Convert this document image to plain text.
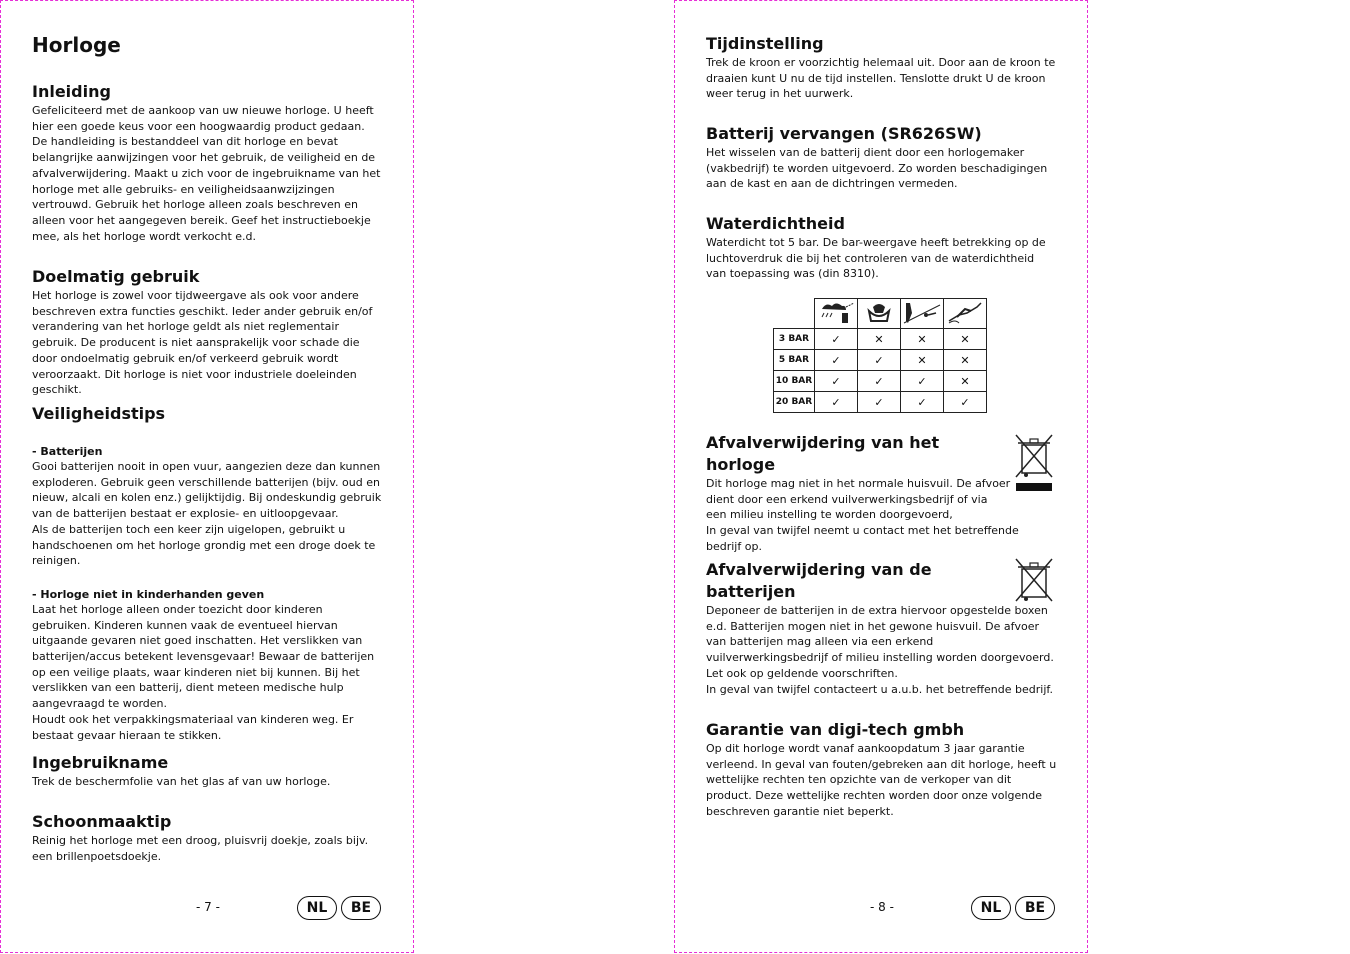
Horloge
Inleiding

Gefeliciteerd met de aankoop van uw nieuwe horloge. U heeft hier een goede keus voor een hoogwaardig product gedaan. De handleiding is bestanddeel van dit horloge en bevat belangrijke aanwijzingen voor het gebruik, de veiligheid en de afvalverwijdering. Maakt u zich voor de ingebruikname van het horloge met alle gebruiks- en veiligheidsaanwzijzingen vertrouwd. Gebruik het horloge alleen zoals beschreven en alleen voor het aangegeven bereik. Geef het instructieboekje mee, als het horloge wordt verkocht e.d.

Doelmatig gebruik

Het horloge is zowel voor tijdweergave als ook voor andere beschreven extra functies geschikt. Ieder ander gebruik en/of verandering van het horloge geldt als niet reglementair gebruik. De producent is niet aansprakelijk voor schade die door ondoelmatig gebruik en/of verkeerd gebruik wordt veroorzaakt. Dit horloge is niet voor industriele doeleinden geschikt.

Veiligheidstips
- Batterijen

Gooi batterijen nooit in open vuur, aangezien deze dan kunnen exploderen. Gebruik geen verschillende batterijen (bijv. oud en nieuw, alcali en kolen enz.) gelijktijdig. Bij ondeskundig gebruik van de batterijen bestaat er explosie- en uitloopgevaar.

Als de batterijen toch een keer zijn uigelopen, gebruikt u handschoenen om het horloge grondig met een droge doek te reinigen.

- Horloge niet in kinderhanden geven

Laat het horloge alleen onder toezicht door kinderen gebruiken. Kinderen kunnen vaak de eventueel hiervan uitgaande gevaren niet goed inschatten. Het verslikken van batterijen/accus betekent levensgevaar! Bewaar de batterijen op een veilige plaats, waar kinderen niet bij kunnen. Bij het verslikken van een batterij, dient meteen medische hulp aangevraagd te worden.

Houdt ook het verpakkingsmateriaal van kinderen weg. Er bestaat gevaar hieraan te stikken.

Ingebruikname

Trek de beschermfolie van het glas af van uw horloge.

Schoonmaaktip

Reinig het horloge met een droog, pluisvrij doekje, zoals bijv. een brillenpoetsdoekje.

- 7 -	NL	BE
Tijdinstelling

Trek de kroon er voorzichtig helemaal uit. Door aan de kroon te draaien kunt U nu de tijd instellen. Tenslotte drukt U de kroon weer terug in het uurwerk.

Batterij vervangen (SR626SW)

Het wisselen van de batterij dient door een horlogemaker (vakbedrijf) te worden uitgevoerd. Zo worden beschadigingen aan de kast en aan de dichtringen vermeden.

Waterdichtheid

Waterdicht tot 5 bar. De bar-weergave heeft betrekking op de luchtoverdruk die bij het controleren van de waterdichtheid van toepassing was (din 8310).

3 BAR	✓	✕	✕	✕
5 BAR	✓	✓	✕	✕
10 BAR	✓	✓	✓	✕
20 BAR	✓	✓	✓	✓
Afvalverwijdering van het
horloge

Dit horloge mag niet in het normale huisvuil. De afvoer

dient door een erkend vuilverwerkingsbedrijf of via

een milieu instelling te worden doorgevoerd,

In geval van twijfel neemt u contact met het betreffende bedrijf op.

Afvalverwijdering van de
batterijen

Deponeer de batterijen in de extra hiervoor opgestelde boxen e.d. Batterijen mogen niet in het gewone huisvuil. De afvoer van batterijen mag alleen via een erkend vuilverwerkingsbedrijf of milieu instelling worden doorgevoerd. Let ook op geldende voorschriften.

In geval van twijfel contacteert u a.u.b. het betreffende bedrijf.

Garantie van digi-tech gmbh

Op dit horloge wordt vanaf aankoopdatum 3 jaar garantie verleend. In geval van fouten/gebreken aan dit horloge, heeft u wettelijke rechten ten opzichte van de verkoper van dit product. Deze wettelijke rechten worden door onze volgende beschreven garantie niet beperkt.

- 8 -	NL	BE
